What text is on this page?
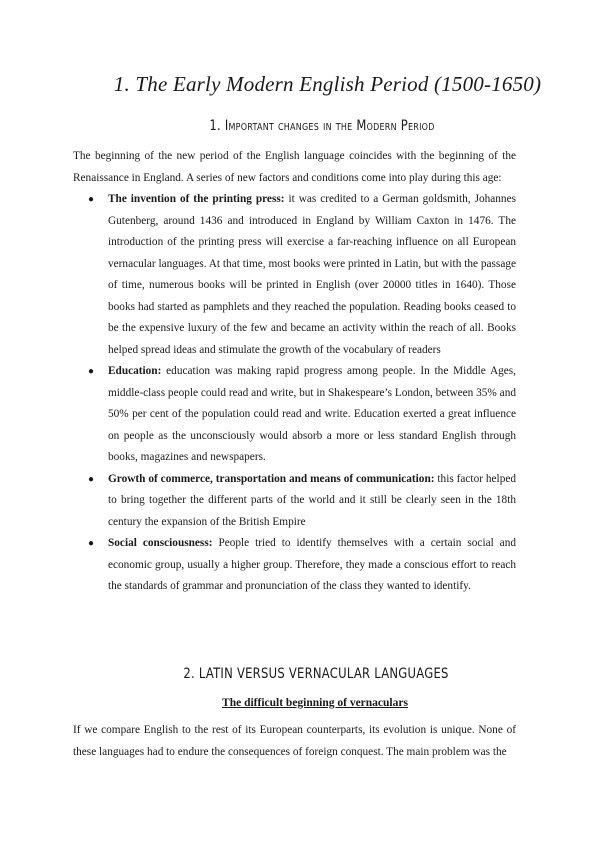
1. The Early Modern English Period (1500-1650)
1. Important changes in the Modern Period

The beginning of the new period of the English language coincides with the beginning of the Renaissance in England. A series of new factors and conditions come into play during this age:

● The invention of the printing press: it was credited to a German goldsmith, Johannes Gutenberg, around 1436 and introduced in England by William Caxton in 1476. The introduction of the printing press will exercise a far-reaching influence on all European vernacular languages. At that time, most books were printed in Latin, but with the passage of time, numerous books will be printed in English (over 20000 titles in 1640). Those books had started as pamphlets and they reached the population. Reading books ceased to be the expensive luxury of the few and became an activity within the reach of all. Books helped spread ideas and stimulate the growth of the vocabulary of readers
● Education: education was making rapid progress among people. In the Middle Ages, middle-class people could read and write, but in Shakespeare’s London, between 35% and 50% per cent of the population could read and write. Education exerted a great influence on people as the unconsciously would absorb a more or less standard English through books, magazines and newspapers.
● Growth of commerce, transportation and means of communication: this factor helped to bring together the different parts of the world and it still be clearly seen in the 18th century the expansion of the British Empire
● Social consciousness: People tried to identify themselves with a certain social and economic group, usually a higher group. Therefore, they made a conscious effort to reach the standards of grammar and pronunciation of the class they wanted to identify.
2. LATIN VERSUS VERNACULAR LANGUAGES
The difficult beginning of vernaculars

If we compare English to the rest of its European counterparts, its evolution is unique. None of these languages had to endure the consequences of foreign conquest. The main problem was the
